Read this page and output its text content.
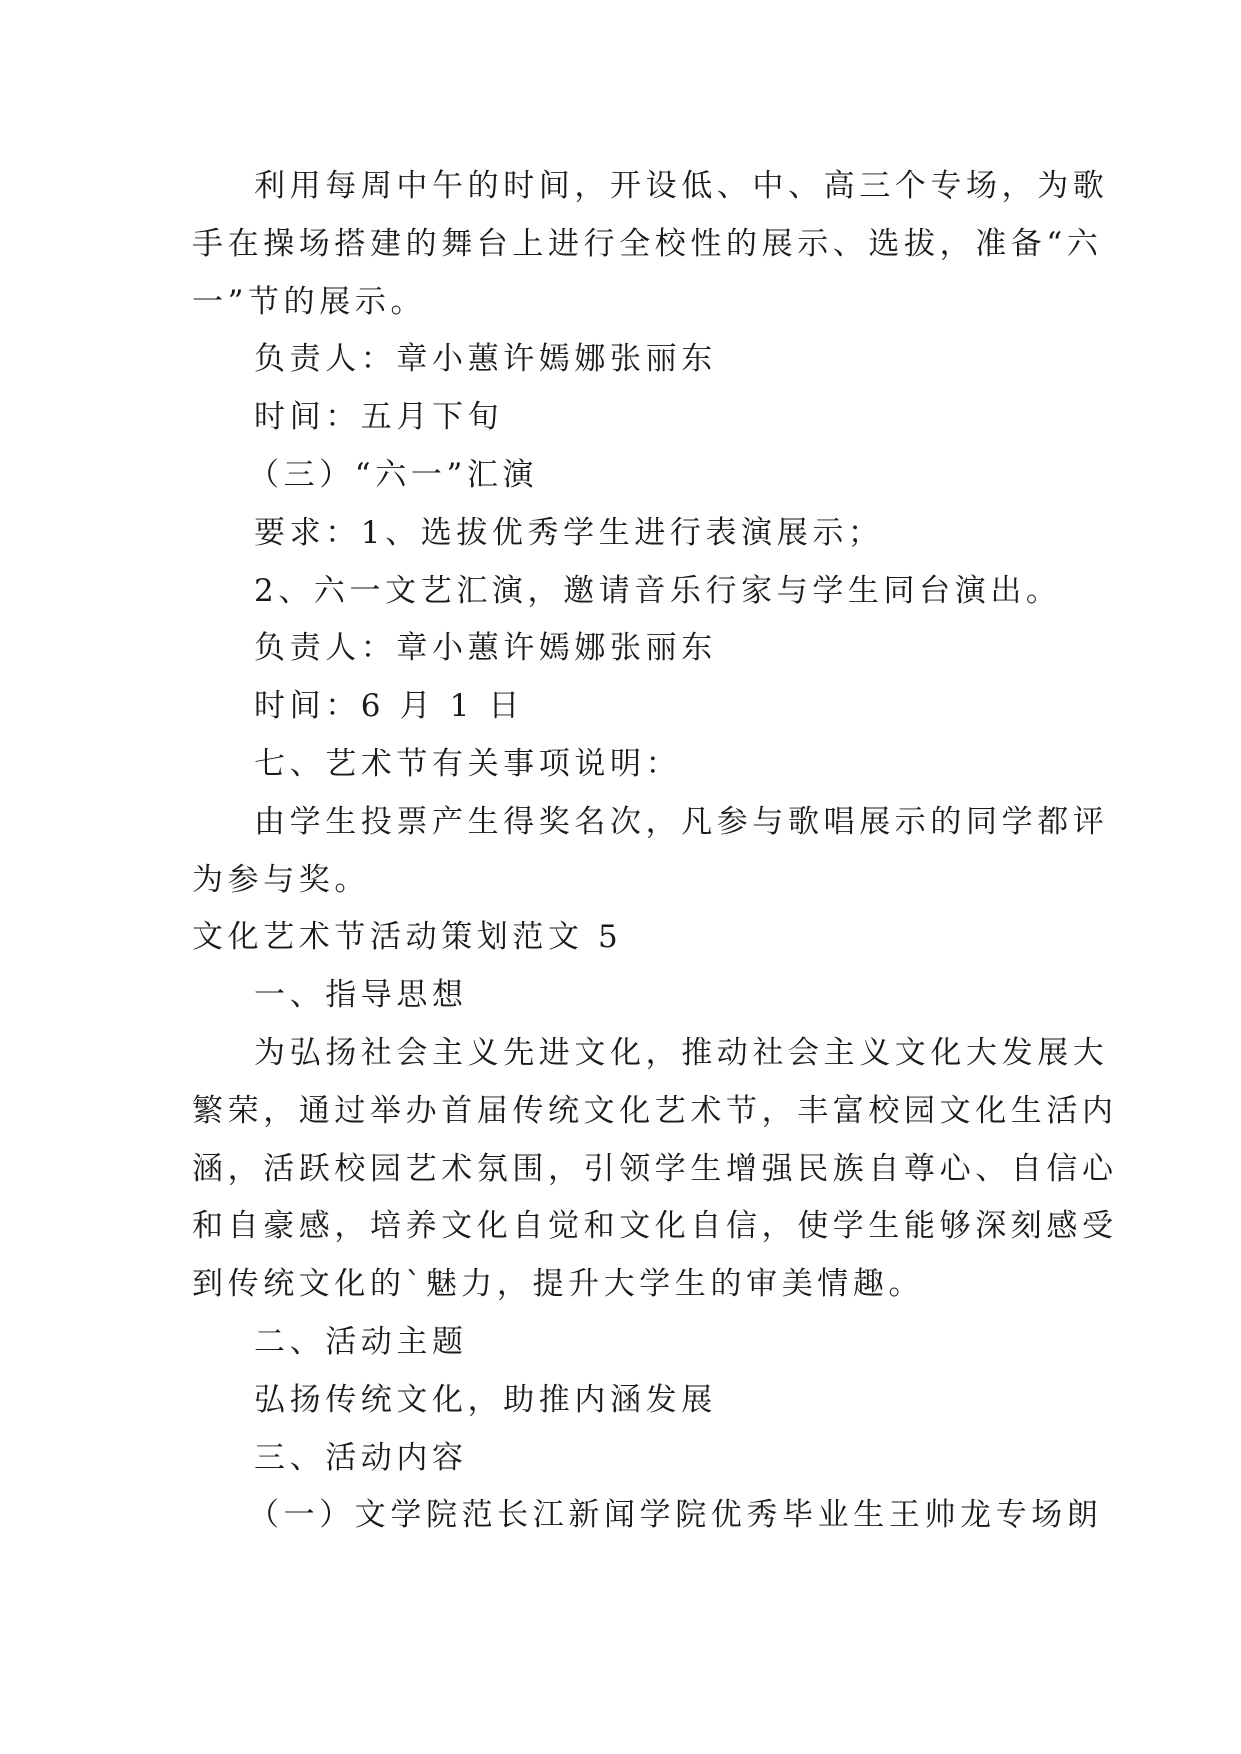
利用每周中午的时间，开设低、中、高三个专场，为歌
手在操场搭建的舞台上进行全校性的展示、选拔，准备“六
一”节的展示。
负责人：章小蕙许嫣娜张丽东
时间：五月下旬
（三）“六一”汇演
要求：1、选拔优秀学生进行表演展示；
2、六一文艺汇演，邀请音乐行家与学生同台演出。
负责人：章小蕙许嫣娜张丽东
时间：6 月 1 日
七、艺术节有关事项说明：
由学生投票产生得奖名次，凡参与歌唱展示的同学都评
为参与奖。
文化艺术节活动策划范文 5
一、指导思想
为弘扬社会主义先进文化，推动社会主义文化大发展大
繁荣，通过举办首届传统文化艺术节，丰富校园文化生活内
涵，活跃校园艺术氛围，引领学生增强民族自尊心、自信心
和自豪感，培养文化自觉和文化自信，使学生能够深刻感受
到传统文化的`魅力，提升大学生的审美情趣。
二、活动主题
弘扬传统文化，助推内涵发展
三、活动内容
（一）文学院范长江新闻学院优秀毕业生王帅龙专场朗
